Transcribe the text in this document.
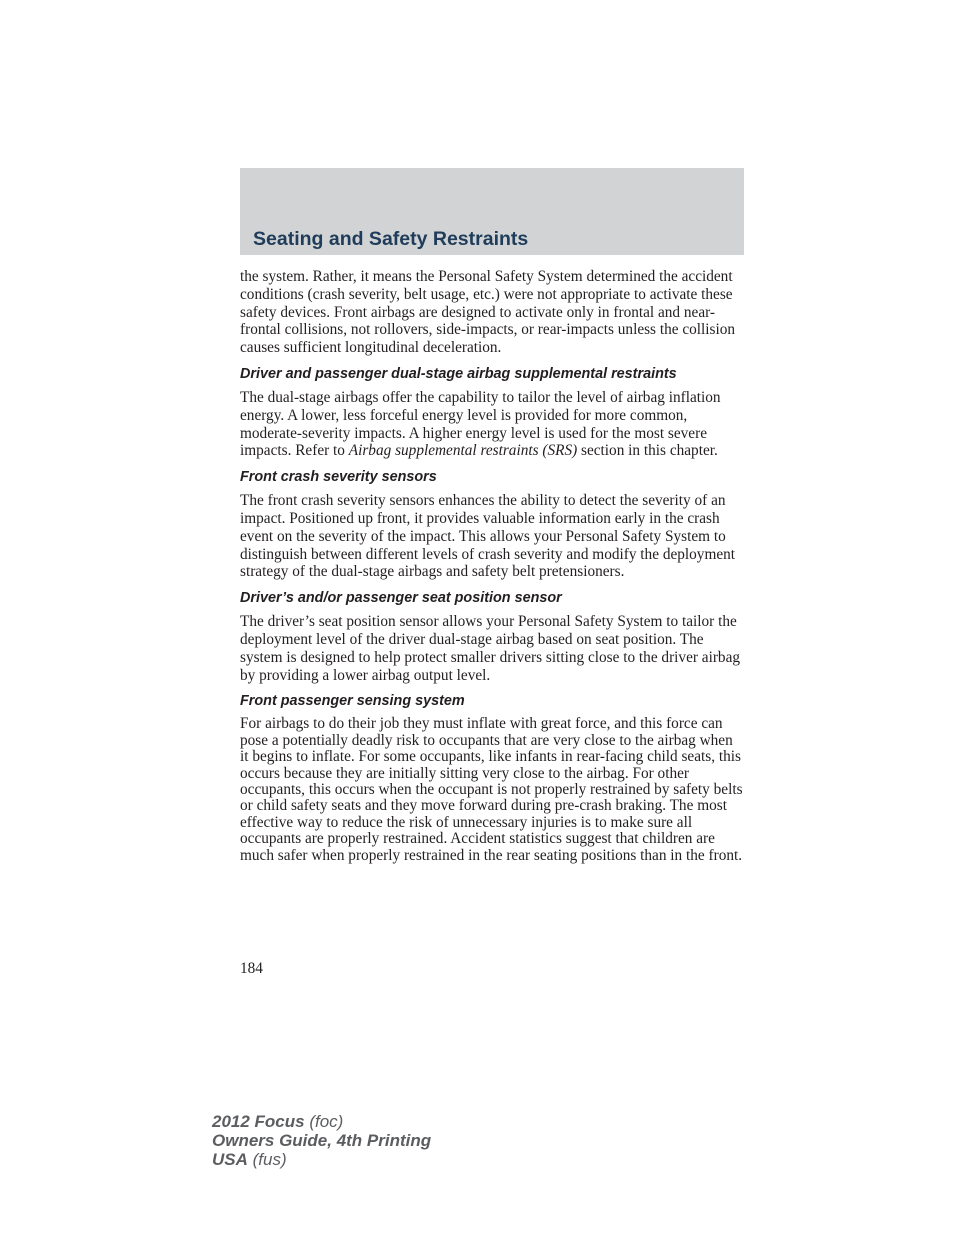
Seating and Safety Restraints

the system. Rather, it means the Personal Safety System determined the accident conditions (crash severity, belt usage, etc.) were not appropriate to activate these safety devices. Front airbags are designed to activate only in frontal and near-frontal collisions, not rollovers, side-impacts, or rear-impacts unless the collision causes sufficient longitudinal deceleration.

Driver and passenger dual-stage airbag supplemental restraints

The dual-stage airbags offer the capability to tailor the level of airbag inflation energy. A lower, less forceful energy level is provided for more common, moderate-severity impacts. A higher energy level is used for the most severe impacts. Refer to Airbag supplemental restraints (SRS) section in this chapter.

Front crash severity sensors

The front crash severity sensors enhances the ability to detect the severity of an impact. Positioned up front, it provides valuable information early in the crash event on the severity of the impact. This allows your Personal Safety System to distinguish between different levels of crash severity and modify the deployment strategy of the dual-stage airbags and safety belt pretensioners.

Driver’s and/or passenger seat position sensor

The driver’s seat position sensor allows your Personal Safety System to tailor the deployment level of the driver dual-stage airbag based on seat position. The system is designed to help protect smaller drivers sitting close to the driver airbag by providing a lower airbag output level.

Front passenger sensing system

For airbags to do their job they must inflate with great force, and this force can pose a potentially deadly risk to occupants that are very close to the airbag when it begins to inflate. For some occupants, like infants in rear-facing child seats, this occurs because they are initially sitting very close to the airbag. For other occupants, this occurs when the occupant is not properly restrained by safety belts or child safety seats and they move forward during pre-crash braking. The most effective way to reduce the risk of unnecessary injuries is to make sure all occupants are properly restrained. Accident statistics suggest that children are much safer when properly restrained in the rear seating positions than in the front.

184
2012 Focus (foc)
Owners Guide, 4th Printing
USA (fus)
